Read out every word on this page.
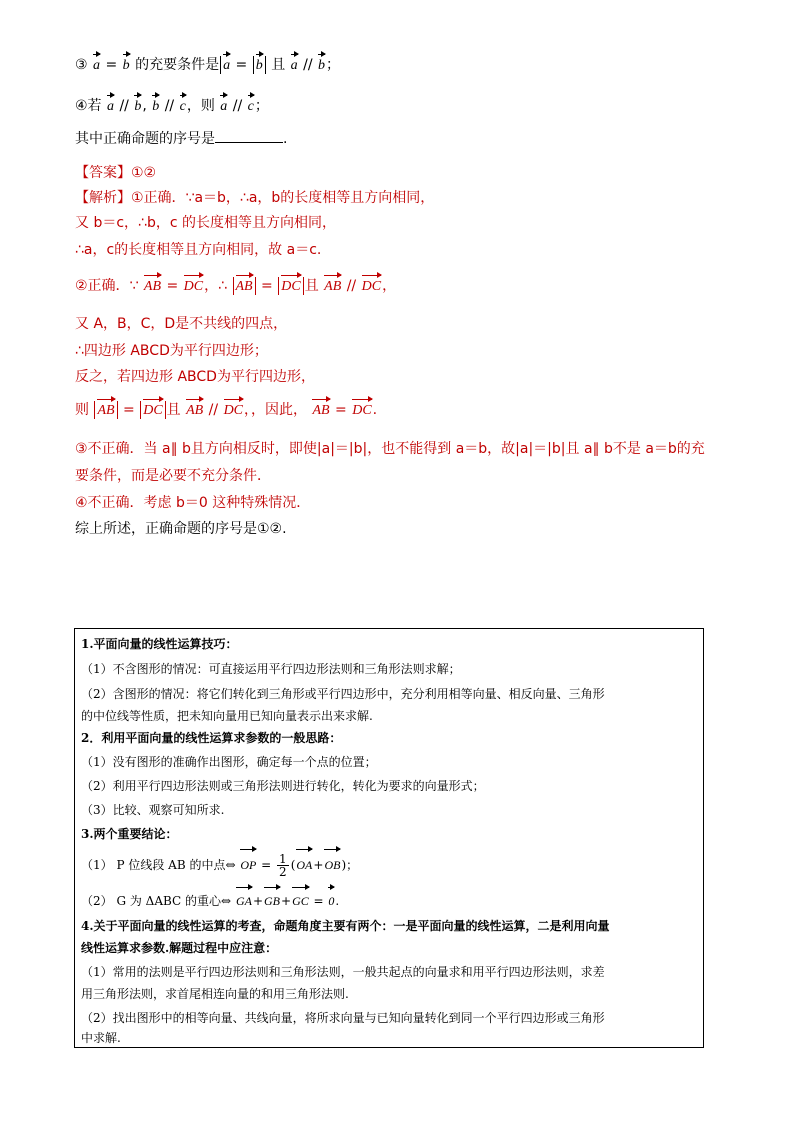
③ a = b 的充要条件是 a = b 且 a // b；
④若 a // b, b // c，则 a // c；
其中正确命题的序号是	.
【答案】①②
【解析】①正确．∵a＝b，∴a，b的长度相等且方向相同，
又 b＝c，∴b，c 的长度相等且方向相同，
∴a，c的长度相等且方向相同，故 a＝c.
②正确．∵ AB = DC，∴ AB = DC 且 AB // DC，
又 A，B，C，D是不共线的四点，
∴四边形 ABCD为平行四边形；
反之，若四边形 ABCD为平行四边形，
则 AB = DC 且 AB // DC，，因此， AB = DC.
③不正确．当 a∥ b且方向相反时，即使|a|＝|b|，也不能得到 a＝b，故|a|＝|b|且 a∥ b不是 a＝b的充
要条件，而是必要不充分条件．
④不正确．考虑 b＝0 这种特殊情况．
综上所述，正确命题的序号是①②.
1.平面向量的线性运算技巧：
（1）不含图形的情况：可直接运用平行四边形法则和三角形法则求解；
（2）含图形的情况：将它们转化到三角形或平行四边形中，充分利用相等向量、相反向量、三角形
的中位线等性质，把未知向量用已知向量表示出来求解.
2．利用平面向量的线性运算求参数的一般思路：
（1）没有图形的准确作出图形，确定每一个点的位置；
（2）利用平行四边形法则或三角形法则进行转化，转化为要求的向量形式；
（3）比较、观察可知所求.
3.两个重要结论：
（1） P 位线段 AB 的中点⇔ OP = $\frac{1}{2} (OA+OB)$；
（2） G 为 ΔABC 的重心⇔ GA+GB+GC = 0.
4.关于平面向量的线性运算的考查，命题角度主要有两个：一是平面向量的线性运算，二是利用向量
线性运算求参数.解题过程中应注意：
（1）常用的法则是平行四边形法则和三角形法则，一般共起点的向量求和用平行四边形法则，求差
用三角形法则，求首尾相连向量的和用三角形法则.
（2）找出图形中的相等向量、共线向量，将所求向量与已知向量转化到同一个平行四边形或三角形
中求解.
